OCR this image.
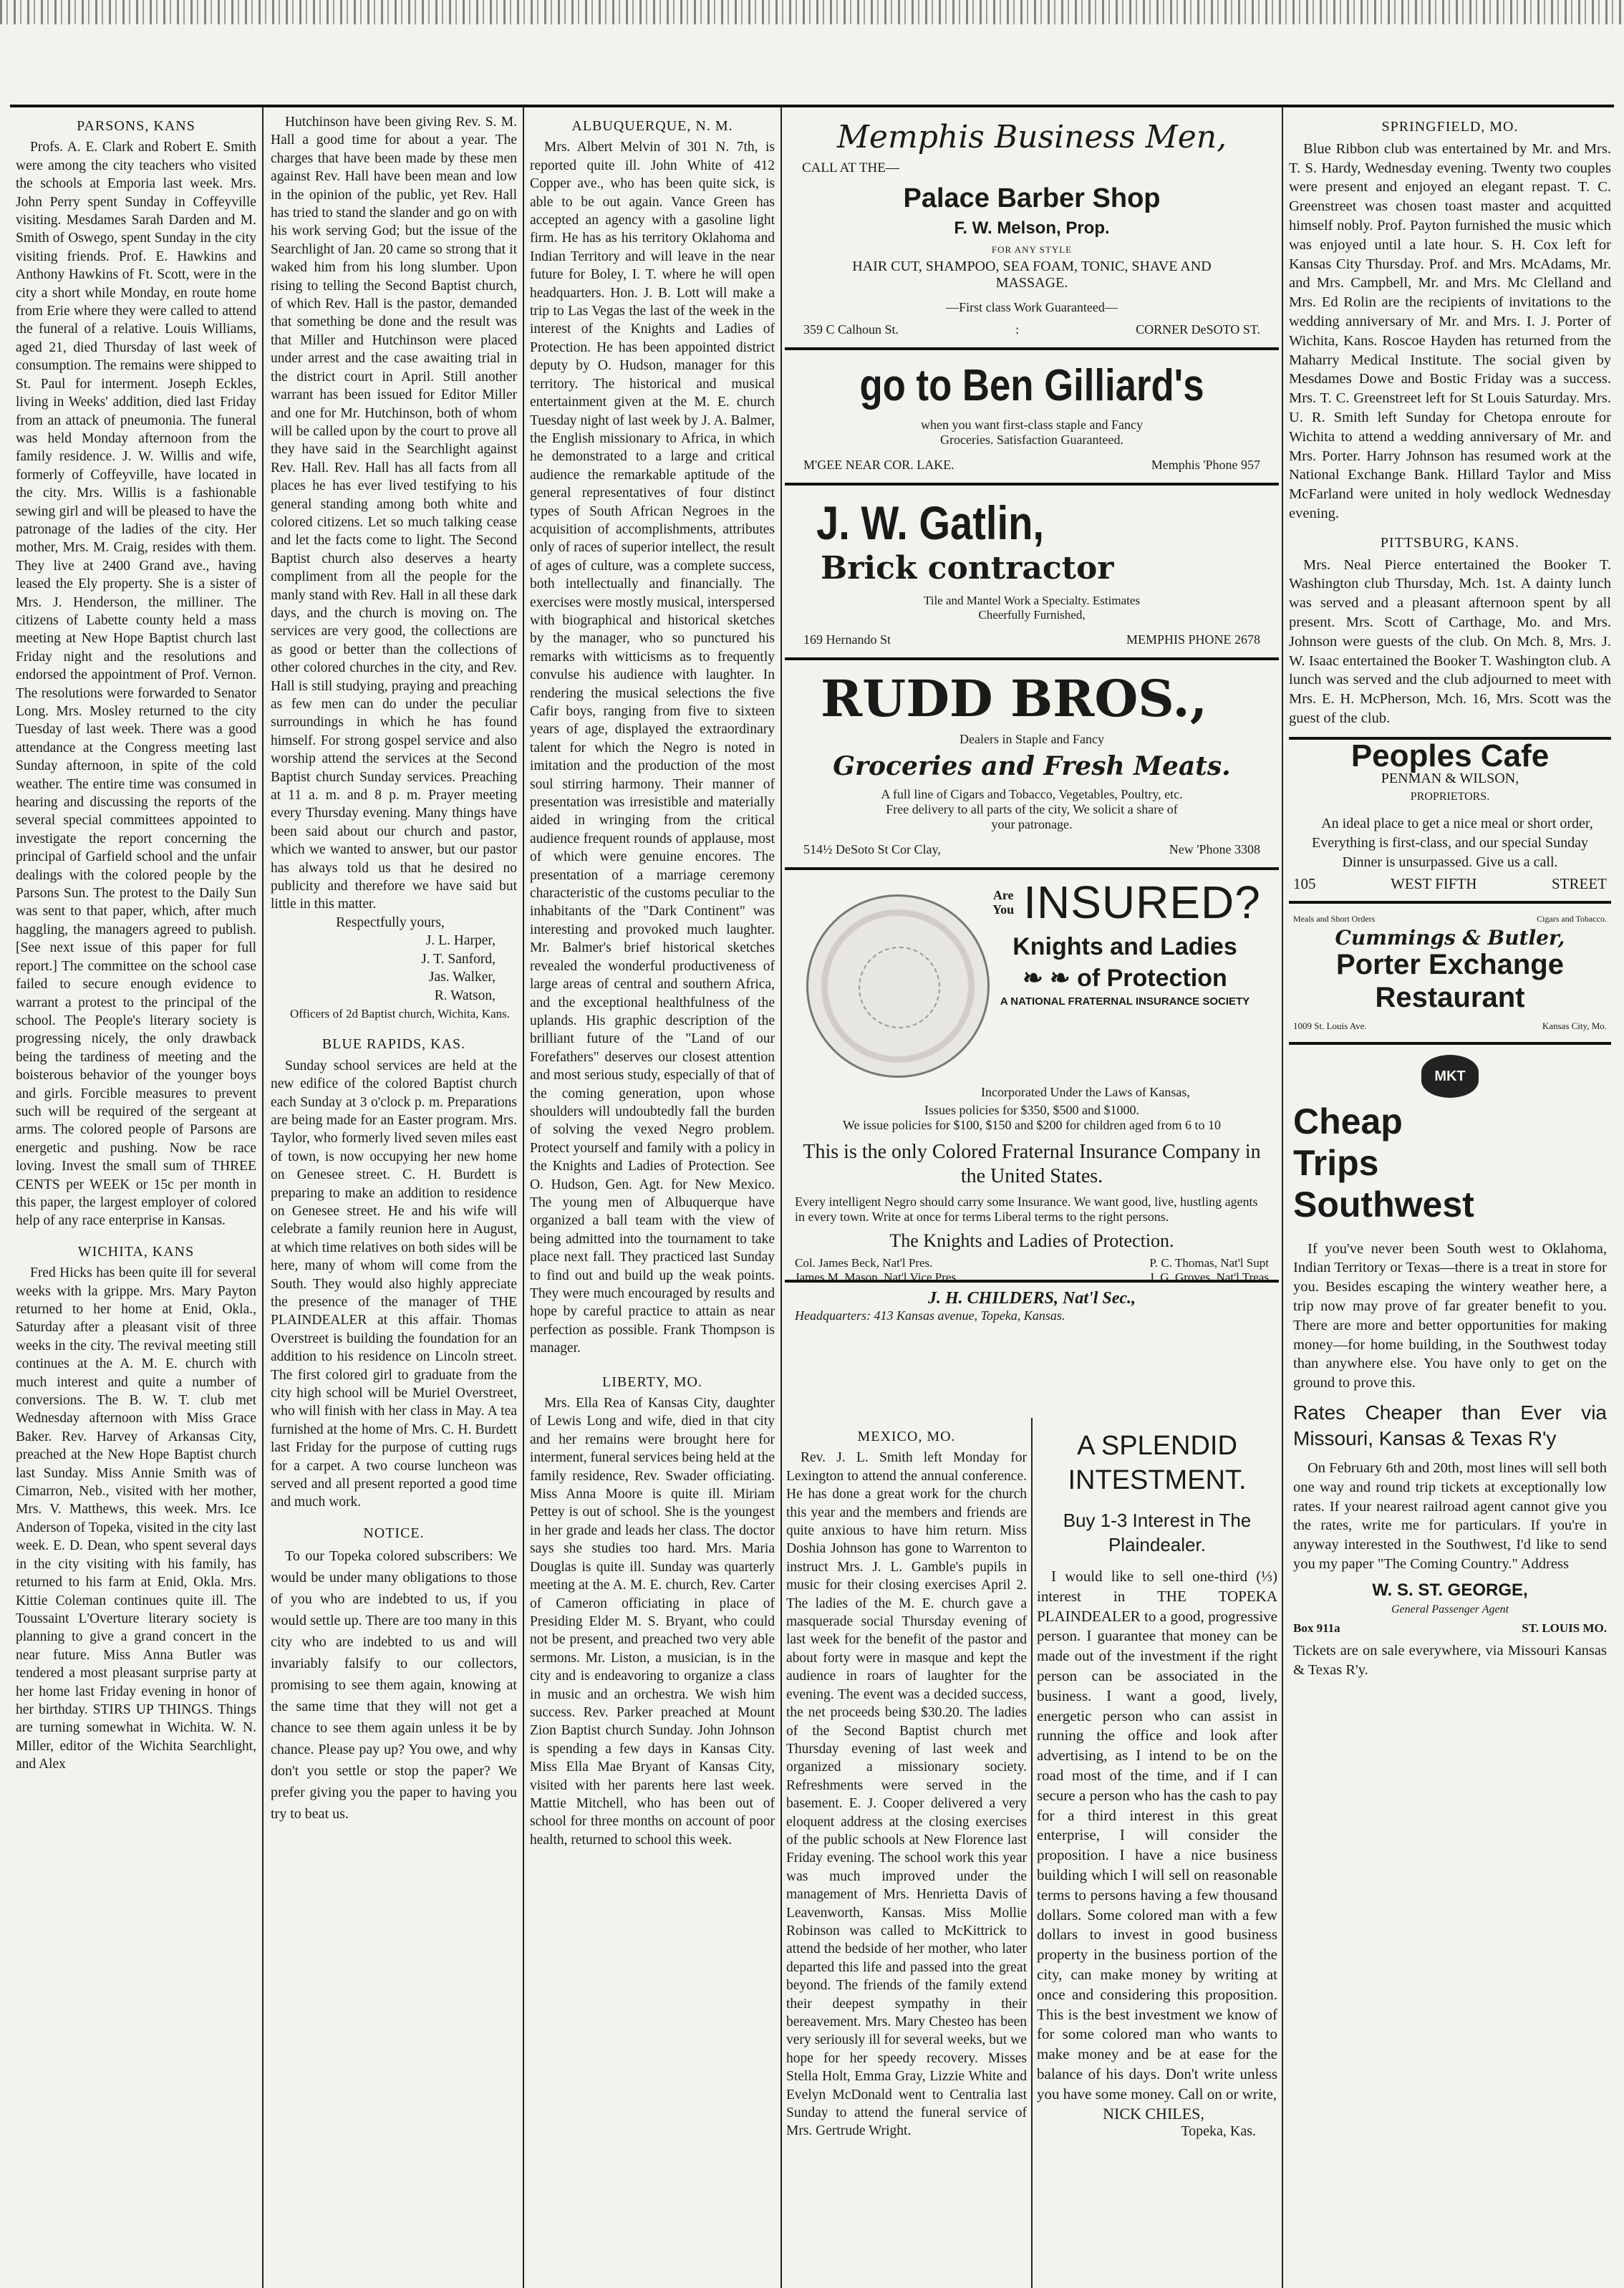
PARSONS, KANS

Profs. A. E. Clark and Robert E. Smith were among the city teachers who visited the schools at Emporia last week. Mrs. John Perry spent Sunday in Coffeyville visiting. Mesdames Sarah Darden and M. Smith of Oswego, spent Sunday in the city visiting friends. Prof. E. Hawkins and Anthony Hawkins of Ft. Scott, were in the city a short while Monday, en route home from Erie where they were called to attend the funeral of a relative. Louis Williams, aged 21, died Thursday of last week of consumption. The remains were shipped to St. Paul for interment. Joseph Eckles, living in Weeks' addition, died last Friday from an attack of pneumonia. The funeral was held Monday afternoon from the family residence. J. W. Willis and wife, formerly of Coffeyville, have located in the city. Mrs. Willis is a fashionable sewing girl and will be pleased to have the patronage of the ladies of the city. Her mother, Mrs. M. Craig, resides with them. They live at 2400 Grand ave., having leased the Ely property. She is a sister of Mrs. J. Henderson, the milliner. The citizens of Labette county held a mass meeting at New Hope Baptist church last Friday night and the resolutions and endorsed the appointment of Prof. Vernon. The resolutions were forwarded to Senator Long. Mrs. Mosley returned to the city Tuesday of last week. There was a good attendance at the Congress meeting last Sunday afternoon, in spite of the cold weather. The entire time was consumed in hearing and discussing the reports of the several special committees appointed to investigate the report concerning the principal of Garfield school and the unfair dealings with the colored people by the Parsons Sun. The protest to the Daily Sun was sent to that paper, which, after much haggling, the managers agreed to publish. [See next issue of this paper for full report.] The committee on the school case failed to secure enough evidence to warrant a protest to the principal of the school. The People's literary society is progressing nicely, the only drawback being the tardiness of meeting and the boisterous behavior of the younger boys and girls. Forcible measures to prevent such will be required of the sergeant at arms. The colored people of Parsons are energetic and pushing. Now be race loving. Invest the small sum of THREE CENTS per WEEK or 15c per month in this paper, the largest employer of colored help of any race enterprise in Kansas.

WICHITA, KANS

Fred Hicks has been quite ill for several weeks with la grippe. Mrs. Mary Payton returned to her home at Enid, Okla., Saturday after a pleasant visit of three weeks in the city. The revival meeting still continues at the A. M. E. church with much interest and quite a number of conversions. The B. W. T. club met Wednesday afternoon with Miss Grace Baker. Rev. Harvey of Arkansas City, preached at the New Hope Baptist church last Sunday. Miss Annie Smith was of Cimarron, Neb., visited with her mother, Mrs. V. Matthews, this week. Mrs. Ice Anderson of Topeka, visited in the city last week. E. D. Dean, who spent several days in the city visiting with his family, has returned to his farm at Enid, Okla. Mrs. Kittie Coleman continues quite ill. The Toussaint L'Overture literary society is planning to give a grand concert in the near future. Miss Anna Butler was tendered a most pleasant surprise party at her home last Friday evening in honor of her birthday. STIRS UP THINGS. Things are turning somewhat in Wichita. W. N. Miller, editor of the Wichita Searchlight, and Alex

Hutchinson have been giving Rev. S. M. Hall a good time for about a year. The charges that have been made by these men against Rev. Hall have been mean and low in the opinion of the public, yet Rev. Hall has tried to stand the slander and go on with his work serving God; but the issue of the Searchlight of Jan. 20 came so strong that it waked him from his long slumber. Upon rising to telling the Second Baptist church, of which Rev. Hall is the pastor, demanded that something be done and the result was that Miller and Hutchinson were placed under arrest and the case awaiting trial in the district court in April. Still another warrant has been issued for Editor Miller and one for Mr. Hutchinson, both of whom will be called upon by the court to prove all they have said in the Searchlight against Rev. Hall. Rev. Hall has all facts from all places he has ever lived testifying to his general standing among both white and colored citizens. Let so much talking cease and let the facts come to light. The Second Baptist church also deserves a hearty compliment from all the people for the manly stand with Rev. Hall in all these dark days, and the church is moving on. The services are very good, the collections are as good or better than the collections of other colored churches in the city, and Rev. Hall is still studying, praying and preaching as few men can do under the peculiar surroundings in which he has found himself. For strong gospel service and also worship attend the services at the Second Baptist church Sunday services. Preaching at 11 a. m. and 8 p. m. Prayer meeting every Thursday evening. Many things have been said about our church and pastor, which we wanted to answer, but our pastor has always told us that he desired no publicity and therefore we have said but little in this matter.

Respectfully yours,

J. L. Harper,

J. T. Sanford,

Jas. Walker,

R. Watson,

Officers of 2d Baptist church, Wichita, Kans.

BLUE RAPIDS, KAS.

Sunday school services are held at the new edifice of the colored Baptist church each Sunday at 3 o'clock p. m. Preparations are being made for an Easter program. Mrs. Taylor, who formerly lived seven miles east of town, is now occupying her new home on Genesee street. C. H. Burdett is preparing to make an addition to residence on Genesee street. He and his wife will celebrate a family reunion here in August, at which time relatives on both sides will be here, many of whom will come from the South. They would also highly appreciate the presence of the manager of THE PLAINDEALER at this affair. Thomas Overstreet is building the foundation for an addition to his residence on Lincoln street. The first colored girl to graduate from the city high school will be Muriel Overstreet, who will finish with her class in May. A tea furnished at the home of Mrs. C. H. Burdett last Friday for the purpose of cutting rugs for a carpet. A two course luncheon was served and all present reported a good time and much work.

NOTICE.

To our Topeka colored subscribers: We would be under many obligations to those of you who are indebted to us, if you would settle up. There are too many in this city who are indebted to us and will invariably falsify to our collectors, promising to see them again, knowing at the same time that they will not get a chance to see them again unless it be by chance. Please pay up? You owe, and why don't you settle or stop the paper? We prefer giving you the paper to having you try to beat us.

ALBUQUERQUE, N. M.

Mrs. Albert Melvin of 301 N. 7th, is reported quite ill. John White of 412 Copper ave., who has been quite sick, is able to be out again. Vance Green has accepted an agency with a gasoline light firm. He has as his territory Oklahoma and Indian Territory and will leave in the near future for Boley, I. T. where he will open headquarters. Hon. J. B. Lott will make a trip to Las Vegas the last of the week in the interest of the Knights and Ladies of Protection. He has been appointed district deputy by O. Hudson, manager for this territory. The historical and musical entertainment given at the M. E. church Tuesday night of last week by J. A. Balmer, the English missionary to Africa, in which he demonstrated to a large and critical audience the remarkable aptitude of the general representatives of four distinct types of South African Negroes in the acquisition of accomplishments, attributes only of races of superior intellect, the result of ages of culture, was a complete success, both intellectually and financially. The exercises were mostly musical, interspersed with biographical and historical sketches by the manager, who so punctured his remarks with witticisms as to frequently convulse his audience with laughter. In rendering the musical selections the five Cafir boys, ranging from five to sixteen years of age, displayed the extraordinary talent for which the Negro is noted in imitation and the production of the most soul stirring harmony. Their manner of presentation was irresistible and materially aided in wringing from the critical audience frequent rounds of applause, most of which were genuine encores. The presentation of a marriage ceremony characteristic of the customs peculiar to the inhabitants of the "Dark Continent" was interesting and provoked much laughter. Mr. Balmer's brief historical sketches revealed the wonderful productiveness of large areas of central and southern Africa, and the exceptional healthfulness of the uplands. His graphic description of the brilliant future of the "Land of our Forefathers" deserves our closest attention and most serious study, especially of that of the coming generation, upon whose shoulders will undoubtedly fall the burden of solving the vexed Negro problem. Protect yourself and family with a policy in the Knights and Ladies of Protection. See O. Hudson, Gen. Agt. for New Mexico. The young men of Albuquerque have organized a ball team with the view of being admitted into the tournament to take place next fall. They practiced last Sunday to find out and build up the weak points. They were much encouraged by results and hope by careful practice to attain as near perfection as possible. Frank Thompson is manager.

LIBERTY, MO.

Mrs. Ella Rea of Kansas City, daughter of Lewis Long and wife, died in that city and her remains were brought here for interment, funeral services being held at the family residence, Rev. Swader officiating. Miss Anna Moore is quite ill. Miriam Pettey is out of school. She is the youngest in her grade and leads her class. The doctor says she studies too hard. Mrs. Maria Douglas is quite ill. Sunday was quarterly meeting at the A. M. E. church, Rev. Carter of Cameron officiating in place of Presiding Elder M. S. Bryant, who could not be present, and preached two very able sermons. Mr. Liston, a musician, is in the city and is endeavoring to organize a class in music and an orchestra. We wish him success. Rev. Parker preached at Mount Zion Baptist church Sunday. John Johnson is spending a few days in Kansas City. Miss Ella Mae Bryant of Kansas City, visited with her parents here last week. Mattie Mitchell, who has been out of school for three months on account of poor health, returned to school this week.

Memphis Business Men,
CALL AT THE—
Palace Barber Shop
F. W. Melson, Prop.
FOR ANY STYLE
HAIR CUT, SHAMPOO, SEA FOAM, TONIC, SHAVE AND MASSAGE.
—First class Work Guaranteed—
359 C Calhoun St.	:	CORNER DeSOTO ST.
go to Ben Gilliard's
when you want first-class staple and Fancy Groceries. Satisfaction Guaranteed.
M'GEE NEAR COR. LAKE.	Memphis 'Phone 957
J. W. Gatlin,
Brick contractor
Tile and Mantel Work a Specialty. Estimates Cheerfully Furnished,
169 Hernando St	MEMPHIS PHONE 2678
RUDD BROS.,
Dealers in Staple and Fancy
Groceries and Fresh Meats.
A full line of Cigars and Tobacco, Vegetables, Poultry, etc. Free delivery to all parts of the city, We solicit a share of your patronage.
514½ DeSoto St Cor Clay,	New 'Phone 3308
Are You INSURED?
Knights and Ladies
❧ ❧ of Protection
A NATIONAL FRATERNAL INSURANCE SOCIETY
Incorporated Under the Laws of Kansas,
Issues policies for $350, $500 and $1000.
We issue policies for $100, $150 and $200 for children aged from 6 to 10
This is the only Colored Fraternal Insurance Company in the United States.
Every intelligent Negro should carry some Insurance. We want good, live, hustling agents in every town. Write at once for terms Liberal terms to the right persons.
The Knights and Ladies of Protection.
Col. James Beck, Nat'l Pres.	P. C. Thomas, Nat'l Supt
James M. Mason, Nat'l Vice Pres.	J. G. Groves, Nat'l Treas
J. H. CHILDERS, Nat'l Sec.,
Headquarters: 413 Kansas avenue, Topeka, Kansas.
MEXICO, MO.

Rev. J. L. Smith left Monday for Lexington to attend the annual conference. He has done a great work for the church this year and the members and friends are quite anxious to have him return. Miss Doshia Johnson has gone to Warrenton to instruct Mrs. J. L. Gamble's pupils in music for their closing exercises April 2. The ladies of the M. E. church gave a masquerade social Thursday evening of last week for the benefit of the pastor and about forty were in masque and kept the audience in roars of laughter for the evening. The event was a decided success, the net proceeds being $30.20. The ladies of the Second Baptist church met Thursday evening of last week and organized a missionary society. Refreshments were served in the basement. E. J. Cooper delivered a very eloquent address at the closing exercises of the public schools at New Florence last Friday evening. The school work this year was much improved under the management of Mrs. Henrietta Davis of Leavenworth, Kansas. Miss Mollie Robinson was called to McKittrick to attend the bedside of her mother, who later departed this life and passed into the great beyond. The friends of the family extend their deepest sympathy in their bereavement. Mrs. Mary Chesteo has been very seriously ill for several weeks, but we hope for her speedy recovery. Misses Stella Holt, Emma Gray, Lizzie White and Evelyn McDonald went to Centralia last Sunday to attend the funeral service of Mrs. Gertrude Wright.

A SPLENDID
INTESTMENT.
Buy 1-3 Interest in The Plaindealer.

I would like to sell one-third (⅓) interest in THE TOPEKA PLAINDEALER to a good, progressive person. I guarantee that money can be made out of the investment if the right person can be associated in the business. I want a good, lively, energetic person who can assist in running the office and look after advertising, as I intend to be on the road most of the time, and if I can secure a person who has the cash to pay for a third interest in this great enterprise, I will consider the proposition. I have a nice business building which I will sell on reasonable terms to persons having a few thousand dollars. Some colored man with a few dollars to invest in good business property in the business portion of the city, can make money by writing at once and considering this proposition. This is the best investment we know of for some colored man who wants to make money and be at ease for the balance of his days. Don't write unless you have some money. Call on or write,

NICK CHILES,

Topeka, Kas.

SPRINGFIELD, MO.

Blue Ribbon club was entertained by Mr. and Mrs. T. S. Hardy, Wednesday evening. Twenty two couples were present and enjoyed an elegant repast. T. C. Greenstreet was chosen toast master and acquitted himself nobly. Prof. Payton furnished the music which was enjoyed until a late hour. S. H. Cox left for Kansas City Thursday. Prof. and Mrs. McAdams, Mr. and Mrs. Campbell, Mr. and Mrs. Mc Clelland and Mrs. Ed Rolin are the recipients of invitations to the wedding anniversary of Mr. and Mrs. I. J. Porter of Wichita, Kans. Roscoe Hayden has returned from the Maharry Medical Institute. The social given by Mesdames Dowe and Bostic Friday was a success. Mrs. T. C. Greenstreet left for St Louis Saturday. Mrs. U. R. Smith left Sunday for Chetopa enroute for Wichita to attend a wedding anniversary of Mr. and Mrs. Porter. Harry Johnson has resumed work at the National Exchange Bank. Hillard Taylor and Miss McFarland were united in holy wedlock Wednesday evening.

PITTSBURG, KANS.

Mrs. Neal Pierce entertained the Booker T. Washington club Thursday, Mch. 1st. A dainty lunch was served and a pleasant afternoon spent by all present. Mrs. Scott of Carthage, Mo. and Mrs. Johnson were guests of the club. On Mch. 8, Mrs. J. W. Isaac entertained the Booker T. Washington club. A lunch was served and the club adjourned to meet with Mrs. E. H. McPherson, Mch. 16, Mrs. Scott was the guest of the club.

Peoples Cafe
PENMAN & WILSON,
PROPRIETORS.

An ideal place to get a nice meal or short order, Everything is first-class, and our special Sunday Dinner is unsurpassed. Give us a call.

105	WEST FIFTH	STREET
Meals and Short Orders	Cigars and Tobacco.
Cummings & Butler,
Porter Exchange
Restaurant
1009 St. Louis Ave.	Kansas City, Mo.
MKT
Cheap
Trips
Southwest

If you've never been South west to Oklahoma, Indian Territory or Texas—there is a treat in store for you. Besides escaping the wintery weather here, a trip now may prove of far greater benefit to you. There are more and better opportunities for making money—for home building, in the Southwest today than anywhere else. You have only to get on the ground to prove this.

Rates Cheaper than Ever via Missouri, Kansas & Texas R'y

On February 6th and 20th, most lines will sell both one way and round trip tickets at exceptionally low rates. If your nearest railroad agent cannot give you the rates, write me for particulars. If you're in anyway interested in the Southwest, I'd like to send you my paper "The Coming Country." Address

W. S. ST. GEORGE,
General Passenger Agent
Box 911a	ST. LOUIS MO.

Tickets are on sale everywhere, via Missouri Kansas & Texas R'y.
